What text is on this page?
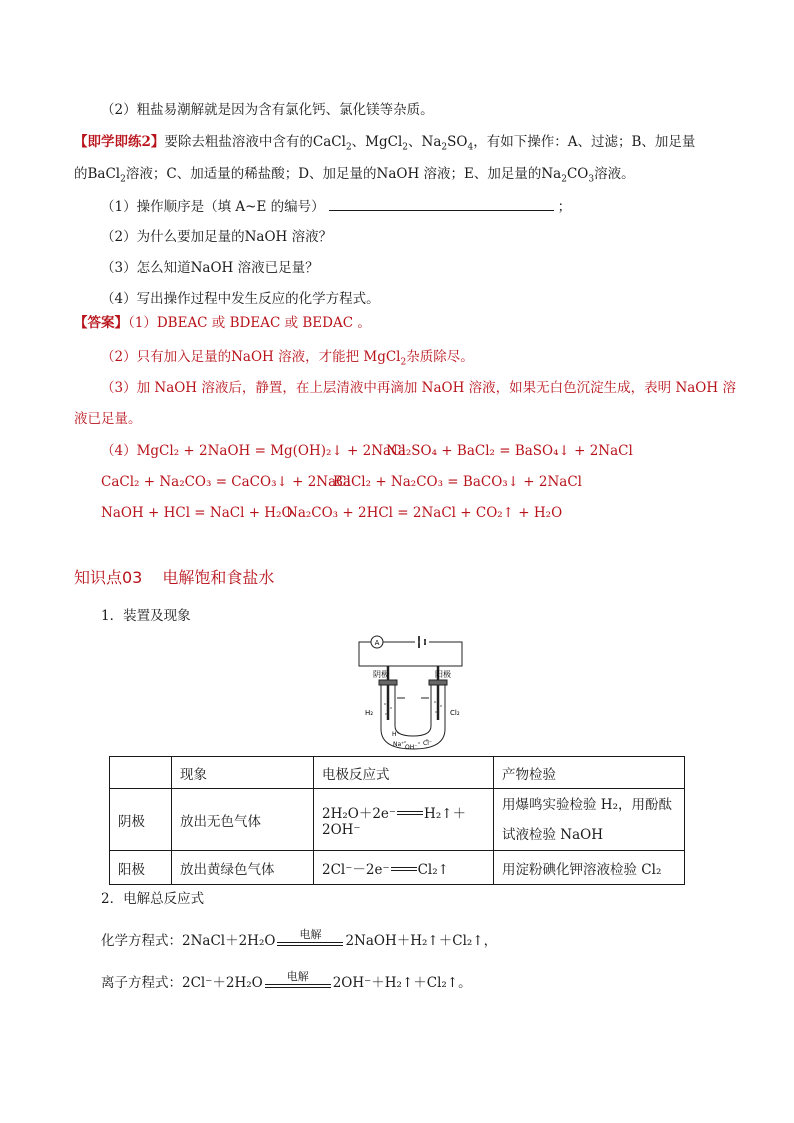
（2）粗盐易潮解就是因为含有氯化钙、氯化镁等杂质。
【即学即练2】要除去粗盐溶液中含有的CaCl$_2$、MgCl$_2$、$Na_2SO_4$，有如下操作：A、过滤；B、加足量
的BaCl$_2$溶液；C、加适量的稀盐酸；D、加足量的NaOH 溶液；E、加足量的$Na_2CO_3$溶液。
（1）操作顺序是（填 A~E 的编号）	；
（2）为什么要加足量的NaOH 溶液？
（3）怎么知道NaOH 溶液已足量？
（4）写出操作过程中发生反应的化学方程式。
【答案】（1）DBEAC 或 BDEAC 或 BEDAC 。
（2）只有加入足量的NaOH 溶液，才能把 MgCl$_2$杂质除尽。
（3）加 NaOH 溶液后，静置，在上层清液中再滴加 NaOH 溶液，如果无白色沉淀生成，表明 NaOH 溶
液已足量。
（4）MgCl₂ + 2NaOH = Mg(OH)₂↓ + 2NaCl
Na₂SO₄ + BaCl₂ = BaSO₄↓ + 2NaCl
CaCl₂ + Na₂CO₃ = CaCO₃↓ + 2NaCl
BaCl₂ + Na₂CO₃ = BaCO₃↓ + 2NaCl
NaOH + HCl = NaCl + H₂O
Na₂CO₃ + 2HCl = 2NaCl + CO₂↑ + H₂O
知识点03 电解饱和食盐水
1．装置及现象
A
阴极	阳极
H₂	Cl₂
Na⁺ OH⁻
Cl⁻
H⁺
	现象	电极反应式	产物检验
阴极	放出无色气体	2H₂O＋2e⁻ H₂↑＋2OH⁻	用爆鸣实验检验 H₂，用酚酞
试液检验 NaOH

阳极	放出黄绿色气体	2Cl⁻－2e⁻ Cl₂↑	用淀粉碘化钾溶液检验 Cl₂
2．电解总反应式
化学方程式：2NaCl＋2H₂O	电解	2NaOH＋H₂↑＋Cl₂↑，
离子方程式：2Cl⁻＋2H₂O	电解	2OH⁻＋H₂↑＋Cl₂↑。
